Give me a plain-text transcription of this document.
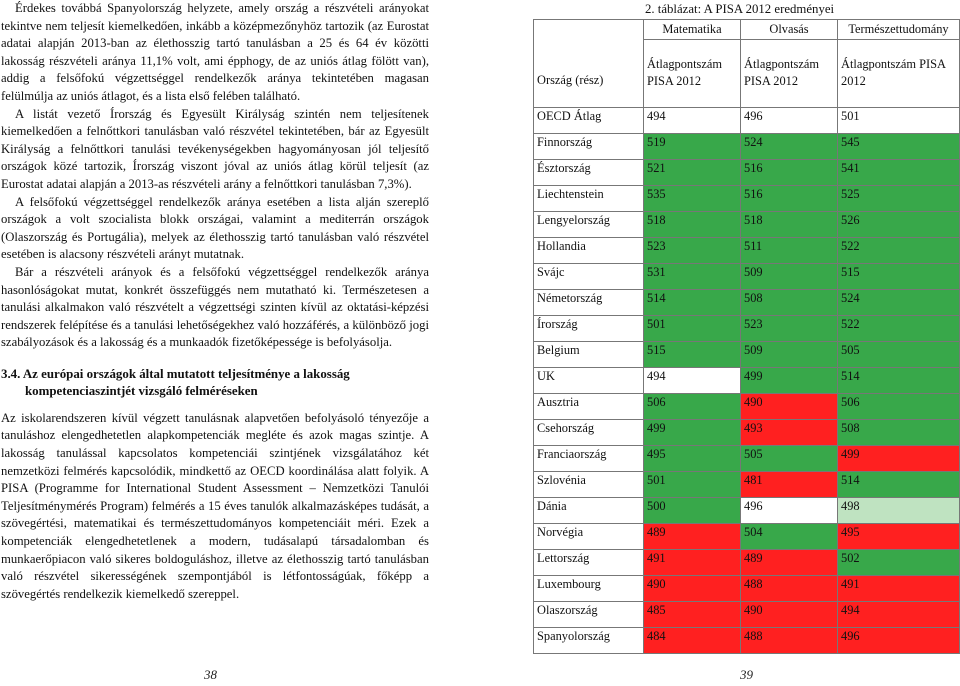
Érdekes továbbá Spanyolország helyzete, amely ország a részvételi arányokat tekintve nem teljesít kiemelkedően, inkább a középmezőnyhöz tartozik (az Eurostat adatai alapján 2013-ban az élethosszig tartó tanulásban a 25 és 64 év közötti lakosság részvételi aránya 11,1% volt, ami épphogy, de az uniós átlag fölött van), addig a felsőfokú végzettséggel rendelkezők aránya tekintetében magasan felülmúlja az uniós átlagot, és a lista első felében található.

A listát vezető Írország és Egyesült Királyság szintén nem teljesítenek kiemelkedően a felnőttkori tanulásban való részvétel tekintetében, bár az Egyesült Királyság a felnőttkori tanulási tevékenységekben hagyományosan jól teljesítő országok közé tartozik, Írország viszont jóval az uniós átlag körül teljesít (az Eurostat adatai alapján a 2013-as részvételi arány a felnőttkori tanulásban 7,3%).

A felsőfokú végzettséggel rendelkezők aránya esetében a lista alján szereplő országok a volt szocialista blokk országai, valamint a mediterrán országok (Olaszország és Portugália), melyek az élethosszig tartó tanulásban való részvétel esetében is alacsony részvételi arányt mutatnak.

Bár a részvételi arányok és a felsőfokú végzettséggel rendelkezők aránya hasonlóságokat mutat, konkrét összefüggés nem mutatható ki. Természetesen a tanulási alkalmakon való részvételt a végzettségi szinten kívül az oktatási-képzési rendszerek felépítése és a tanulási lehetőségekhez való hozzáférés, a különböző jogi szabályozások és a lakosság és a munkaadók fizetőképessége is befolyásolja.

3.4. Az európai országok által mutatott teljesítménye a lakosság kompetenciaszintjét vizsgáló felméréseken

Az iskolarendszeren kívül végzett tanulásnak alapvetően befolyásoló tényezője a tanuláshoz elengedhetetlen alapkompetenciák megléte és azok magas szintje. A lakosság tanulással kapcsolatos kompetenciái szintjének vizsgálatához két nemzetközi felmérés kapcsolódik, mindkettő az OECD koordinálása alatt folyik. A PISA (Programme for International Student Assessment – Nemzetközi Tanulói Teljesítménymérés Program) felmérés a 15 éves tanulók alkalmazásképes tudását, a szövegértési, matematikai és természettudományos kompetenciáit méri. Ezek a kompetenciák elengedhetetlenek a modern, tudásalapú társadalomban és munkaerőpiacon való sikeres boldoguláshoz, illetve az élethosszig tartó tanulásban való részvétel sikerességének szempontjából is létfontosságúak, főképp a szövegértés rendelkezik kiemelkedő szereppel.

38
2. táblázat: A PISA 2012 eredményei
	Matematika	Olvasás	Természettudomány
Ország (rész)	Átlagpontszám PISA 2012	Átlagpontszám PISA 2012	Átlagpontszám PISA 2012
OECD Átlag	494	496	501
Finnország	519	524	545
Észtország	521	516	541
Liechtenstein	535	516	525
Lengyelország	518	518	526
Hollandia	523	511	522
Svájc	531	509	515
Németország	514	508	524
Írország	501	523	522
Belgium	515	509	505
UK	494	499	514
Ausztria	506	490	506
Csehország	499	493	508
Franciaország	495	505	499
Szlovénia	501	481	514
Dánia	500	496	498
Norvégia	489	504	495
Lettország	491	489	502
Luxembourg	490	488	491
Olaszország	485	490	494
Spanyolország	484	488	496
39
